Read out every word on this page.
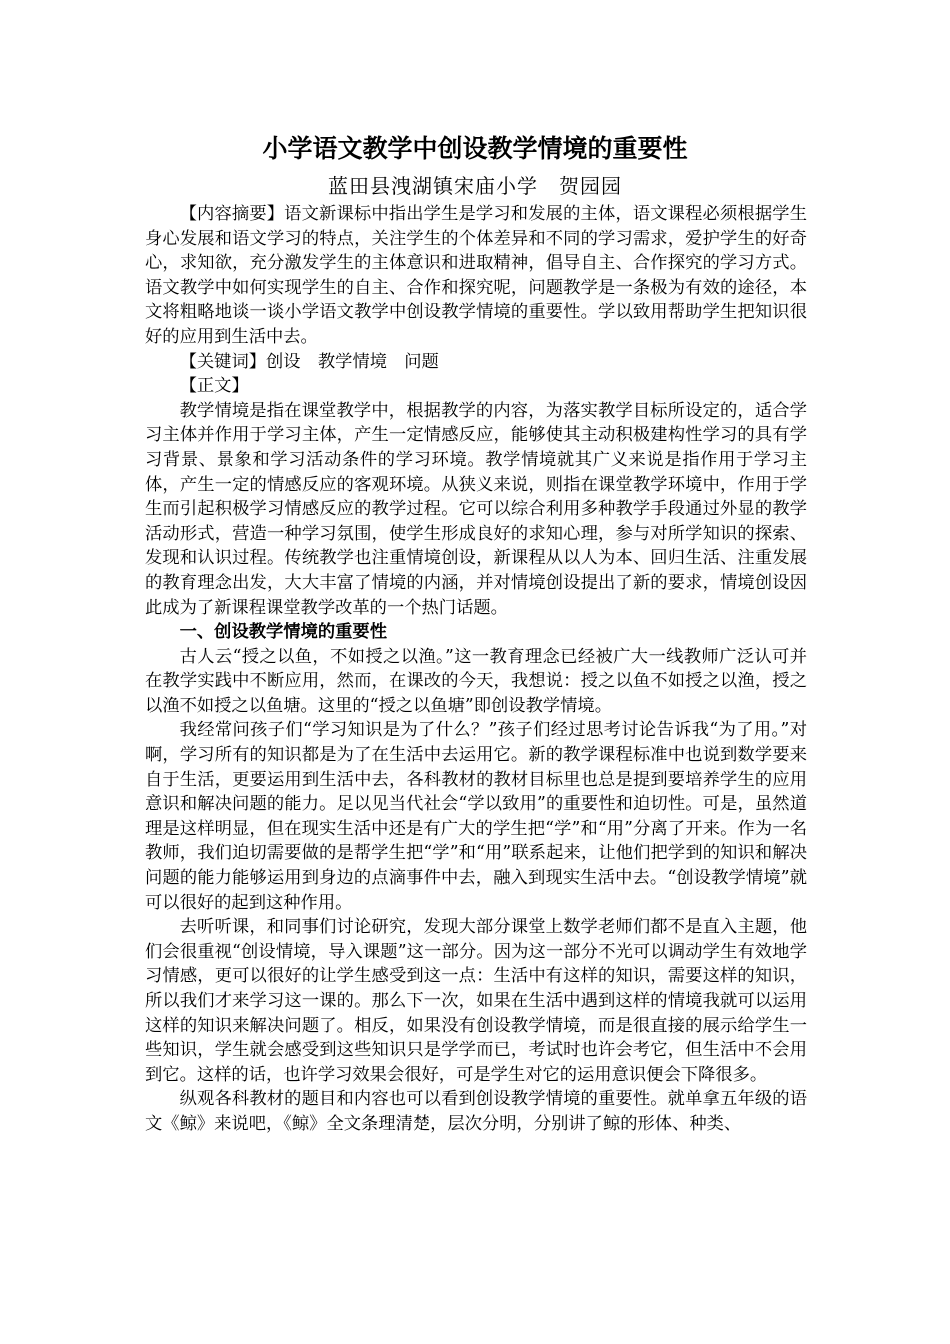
小学语文教学中创设教学情境的重要性
蓝田县洩湖镇宋庙小学　贺园园

【内容摘要】语文新课标中指出学生是学习和发展的主体，语文课程必须根据学生身心发展和语文学习的特点，关注学生的个体差异和不同的学习需求，爱护学生的好奇心，求知欲，充分激发学生的主体意识和进取精神，倡导自主、合作探究的学习方式。语文教学中如何实现学生的自主、合作和探究呢，问题教学是一条极为有效的途径，本文将粗略地谈一谈小学语文教学中创设教学情境的重要性。学以致用帮助学生把知识很好的应用到生活中去。

【关键词】创设　教学情境　问题

【正文】

教学情境是指在课堂教学中，根据教学的内容，为落实教学目标所设定的，适合学习主体并作用于学习主体，产生一定情感反应，能够使其主动积极建构性学习的具有学习背景、景象和学习活动条件的学习环境。教学情境就其广义来说是指作用于学习主体，产生一定的情感反应的客观环境。从狭义来说，则指在课堂教学环境中，作用于学生而引起积极学习情感反应的教学过程。它可以综合利用多种教学手段通过外显的教学活动形式，营造一种学习氛围，使学生形成良好的求知心理，参与对所学知识的探索、发现和认识过程。传统教学也注重情境创设，新课程从以人为本、回归生活、注重发展的教育理念出发，大大丰富了情境的内涵，并对情境创设提出了新的要求，情境创设因此成为了新课程课堂教学改革的一个热门话题。

一、创设教学情境的重要性

古人云“授之以鱼，不如授之以渔。”这一教育理念已经被广大一线教师广泛认可并在教学实践中不断应用，然而，在课改的今天，我想说：授之以鱼不如授之以渔，授之以渔不如授之以鱼塘。这里的“授之以鱼塘”即创设教学情境。

我经常问孩子们“学习知识是为了什么？”孩子们经过思考讨论告诉我“为了用。”对啊，学习所有的知识都是为了在生活中去运用它。新的教学课程标准中也说到数学要来自于生活，更要运用到生活中去，各科教材的教材目标里也总是提到要培养学生的应用意识和解决问题的能力。足以见当代社会“学以致用”的重要性和迫切性。可是，虽然道理是这样明显，但在现实生活中还是有广大的学生把“学”和“用”分离了开来。作为一名教师，我们迫切需要做的是帮学生把“学”和“用”联系起来，让他们把学到的知识和解决问题的能力能够运用到身边的点滴事件中去，融入到现实生活中去。“创设教学情境”就可以很好的起到这种作用。

去听听课，和同事们讨论研究，发现大部分课堂上数学老师们都不是直入主题，他们会很重视“创设情境，导入课题”这一部分。因为这一部分不光可以调动学生有效地学习情感，更可以很好的让学生感受到这一点：生活中有这样的知识，需要这样的知识，所以我们才来学习这一课的。那么下一次，如果在生活中遇到这样的情境我就可以运用这样的知识来解决问题了。相反，如果没有创设教学情境，而是很直接的展示给学生一些知识，学生就会感受到这些知识只是学学而已，考试时也许会考它，但生活中不会用到它。这样的话，也许学习效果会很好，可是学生对它的运用意识便会下降很多。

纵观各科教材的题目和内容也可以看到创设教学情境的重要性。就单拿五年级的语文《鲸》来说吧，《鲸》全文条理清楚，层次分明，分别讲了鲸的形体、种类、
